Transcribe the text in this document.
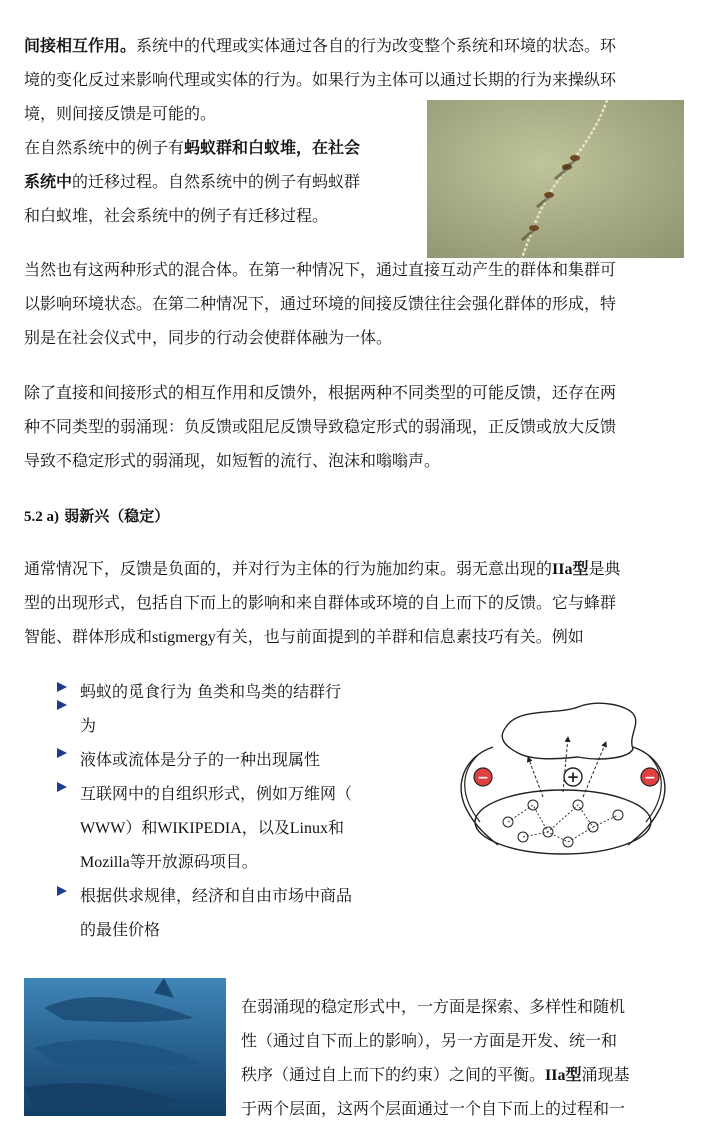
间接相互作用。系统中的代理或实体通过各自的行为改变整个系统和环境的状态。环
境的变化反过来影响代理或实体的行为。如果行为主体可以通过长期的行为来操纵环
境，则间接反馈是可能的。
在自然系统中的例子有蚂蚁群和白蚁堆，在社会
系统中的迁移过程。自然系统中的例子有蚂蚁群
和白蚁堆，社会系统中的例子有迁移过程。
当然也有这两种形式的混合体。在第一种情况下，通过直接互动产生的群体和集群可
以影响环境状态。在第二种情况下，通过环境的间接反馈往往会强化群体的形成，特
别是在社会仪式中，同步的行动会使群体融为一体。
除了直接和间接形式的相互作用和反馈外，根据两种不同类型的可能反馈，还存在两
种不同类型的弱涌现：负反馈或阻尼反馈导致稳定形式的弱涌现，正反馈或放大反馈
导致不稳定形式的弱涌现，如短暂的流行、泡沫和嗡嗡声。
5.2 a) 弱新兴（稳定）
通常情况下，反馈是负面的，并对行为主体的行为施加约束。弱无意出现的IIa型是典
型的出现形式，包括自下而上的影响和来自群体或环境的自上而下的反馈。它与蜂群
智能、群体形成和stigmergy有关，也与前面提到的羊群和信息素技巧有关。例如
蚂蚁的觅食行为 鱼类和鸟类的结群行
为
液体或流体是分子的一种出现属性
互联网中的自组织形式，例如万维网（
WWW）和WIKIPEDIA，以及Linux和
Mozilla等开放源码项目。
根据供求规律，经济和自由市场中商品
的最佳价格
−	+	−
在弱涌现的稳定形式中，一方面是探索、多样性和随机
性（通过自下而上的影响），另一方面是开发、统一和
秩序（通过自上而下的约束）之间的平衡。IIa型涌现基
于两个层面，这两个层面通过一个自下而上的过程和一
